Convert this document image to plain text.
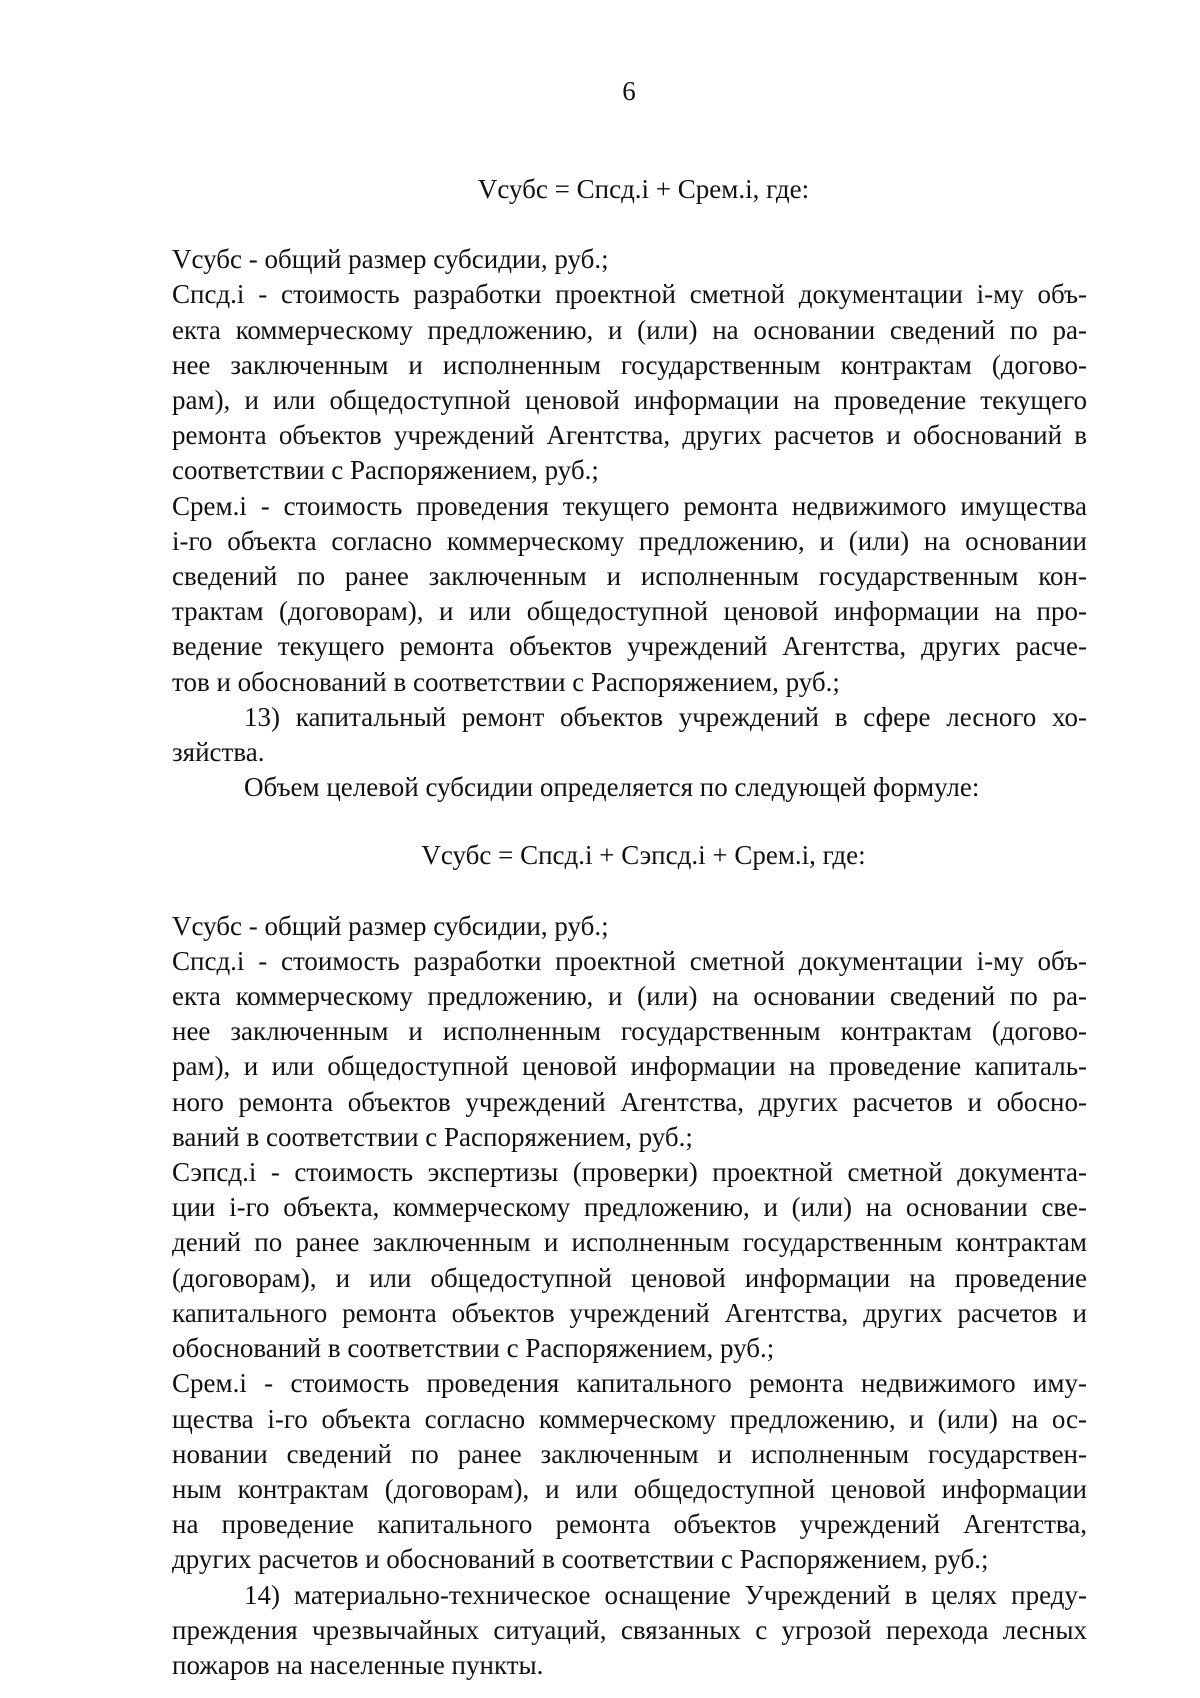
6

Vсубс = Спсд.i + Срем.i, где:

Vсубс - общий размер субсидии, руб.;

Спсд.i - стоимость разработки проектной сметной документации i-му объ-

екта коммерческому предложению, и (или) на основании сведений по ра-

нее заключенным и исполненным государственным контрактам (догово-

рам), и или общедоступной ценовой информации на проведение текущего

ремонта объектов учреждений Агентства, других расчетов и обоснований в

соответствии с Распоряжением, руб.;

Срем.i - стоимость проведения текущего ремонта недвижимого имущества

i-го объекта согласно коммерческому предложению, и (или) на основании

сведений по ранее заключенным и исполненным государственным кон-

трактам (договорам), и или общедоступной ценовой информации на про-

ведение текущего ремонта объектов учреждений Агентства, других расче-

тов и обоснований в соответствии с Распоряжением, руб.;

13) капитальный ремонт объектов учреждений в сфере лесного хо-

зяйства.

Объем целевой субсидии определяется по следующей формуле:

Vсубс = Спсд.i + Сэпсд.i + Срем.i, где:

Vсубс - общий размер субсидии, руб.;

Спсд.i - стоимость разработки проектной сметной документации i-му объ-

екта коммерческому предложению, и (или) на основании сведений по ра-

нее заключенным и исполненным государственным контрактам (догово-

рам), и или общедоступной ценовой информации на проведение капиталь-

ного ремонта объектов учреждений Агентства, других расчетов и обосно-

ваний в соответствии с Распоряжением, руб.;

Сэпсд.i - стоимость экспертизы (проверки) проектной сметной документа-

ции i-го объекта, коммерческому предложению, и (или) на основании све-

дений по ранее заключенным и исполненным государственным контрактам

(договорам), и или общедоступной ценовой информации на проведение

капитального ремонта объектов учреждений Агентства, других расчетов и

обоснований в соответствии с Распоряжением, руб.;

Срем.i - стоимость проведения капитального ремонта недвижимого иму-

щества i-го объекта согласно коммерческому предложению, и (или) на ос-

новании сведений по ранее заключенным и исполненным государствен-

ным контрактам (договорам), и или общедоступной ценовой информации

на проведение капитального ремонта объектов учреждений Агентства,

других расчетов и обоснований в соответствии с Распоряжением, руб.;

14) материально-техническое оснащение Учреждений в целях преду-

преждения чрезвычайных ситуаций, связанных с угрозой перехода лесных

пожаров на населенные пункты.
